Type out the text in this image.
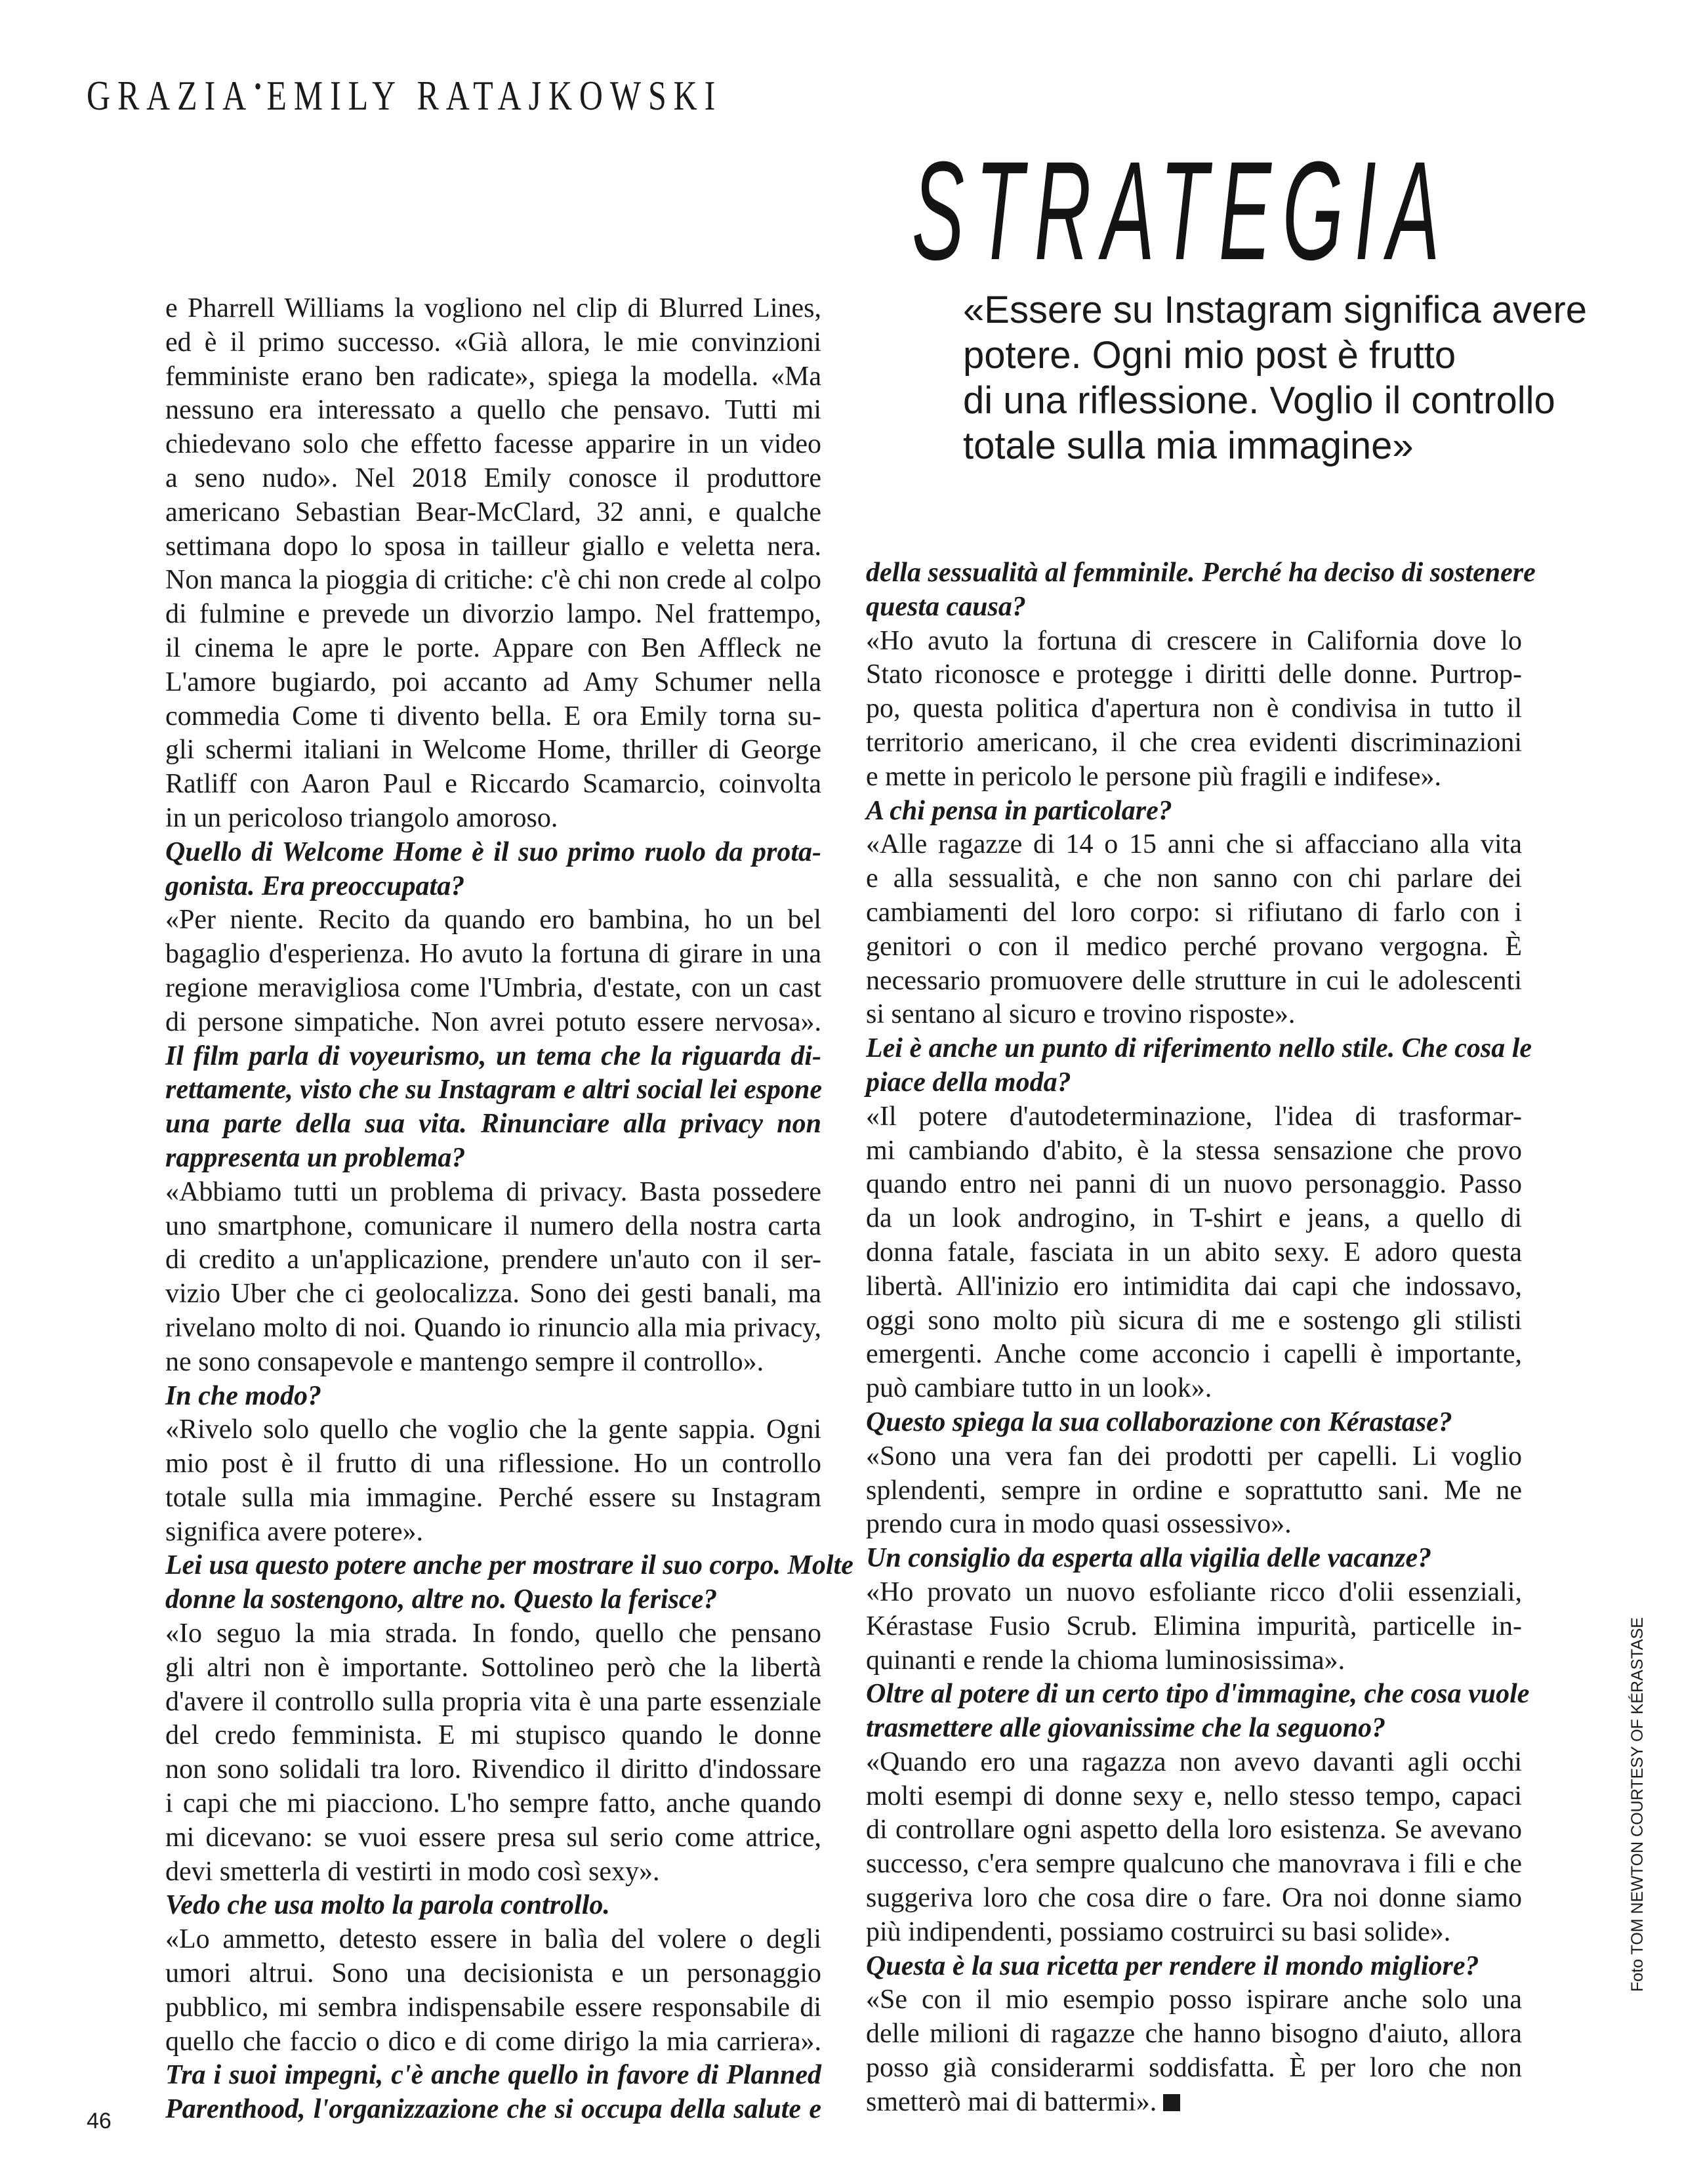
GRAZIA• EMILY RATAJKOWSKI
STRATEGIA
«Essere su Instagram significa avere
potere. Ogni mio post è frutto
di una riflessione. Voglio il controllo
totale sulla mia immagine»
e Pharrell Williams la vogliono nel clip di Blurred Lines,
ed è il primo successo. «Già allora, le mie convinzioni
femministe erano ben radicate», spiega la modella. «Ma
nessuno era interessato a quello che pensavo. Tutti mi
chiedevano solo che effetto facesse apparire in un video
a seno nudo». Nel 2018 Emily conosce il produttore
americano Sebastian Bear-McClard, 32 anni, e qualche
settimana dopo lo sposa in tailleur giallo e veletta nera.
Non manca la pioggia di critiche: c'è chi non crede al colpo
di fulmine e prevede un divorzio lampo. Nel frattempo,
il cinema le apre le porte. Appare con Ben Affleck ne
L'amore bugiardo, poi accanto ad Amy Schumer nella
commedia Come ti divento bella. E ora Emily torna su-
gli schermi italiani in Welcome Home, thriller di George
Ratliff con Aaron Paul e Riccardo Scamarcio, coinvolta
in un pericoloso triangolo amoroso.
Quello di Welcome Home è il suo primo ruolo da prota-
gonista. Era preoccupata?
«Per niente. Recito da quando ero bambina, ho un bel
bagaglio d'esperienza. Ho avuto la fortuna di girare in una
regione meravigliosa come l'Umbria, d'estate, con un cast
di persone simpatiche. Non avrei potuto essere nervosa».
Il film parla di voyeurismo, un tema che la riguarda di-
rettamente, visto che su Instagram e altri social lei espone
una parte della sua vita. Rinunciare alla privacy non
rappresenta un problema?
«Abbiamo tutti un problema di privacy. Basta possedere
uno smartphone, comunicare il numero della nostra carta
di credito a un'applicazione, prendere un'auto con il ser-
vizio Uber che ci geolocalizza. Sono dei gesti banali, ma
rivelano molto di noi. Quando io rinuncio alla mia privacy,
ne sono consapevole e mantengo sempre il controllo».
In che modo?
«Rivelo solo quello che voglio che la gente sappia. Ogni
mio post è il frutto di una riflessione. Ho un controllo
totale sulla mia immagine. Perché essere su Instagram
significa avere potere».
Lei usa questo potere anche per mostrare il suo corpo. Molte
donne la sostengono, altre no. Questo la ferisce?
«Io seguo la mia strada. In fondo, quello che pensano
gli altri non è importante. Sottolineo però che la libertà
d'avere il controllo sulla propria vita è una parte essenziale
del credo femminista. E mi stupisco quando le donne
non sono solidali tra loro. Rivendico il diritto d'indossare
i capi che mi piacciono. L'ho sempre fatto, anche quando
mi dicevano: se vuoi essere presa sul serio come attrice,
devi smetterla di vestirti in modo così sexy».
Vedo che usa molto la parola controllo.
«Lo ammetto, detesto essere in balìa del volere o degli
umori altrui. Sono una decisionista e un personaggio
pubblico, mi sembra indispensabile essere responsabile di
quello che faccio o dico e di come dirigo la mia carriera».
Tra i suoi impegni, c'è anche quello in favore di Planned
Parenthood, l'organizzazione che si occupa della salute e
della sessualità al femminile. Perché ha deciso di sostenere
questa causa?
«Ho avuto la fortuna di crescere in California dove lo
Stato riconosce e protegge i diritti delle donne. Purtrop-
po, questa politica d'apertura non è condivisa in tutto il
territorio americano, il che crea evidenti discriminazioni
e mette in pericolo le persone più fragili e indifese».
A chi pensa in particolare?
«Alle ragazze di 14 o 15 anni che si affacciano alla vita
e alla sessualità, e che non sanno con chi parlare dei
cambiamenti del loro corpo: si rifiutano di farlo con i
genitori o con il medico perché provano vergogna. È
necessario promuovere delle strutture in cui le adolescenti
si sentano al sicuro e trovino risposte».
Lei è anche un punto di riferimento nello stile. Che cosa le
piace della moda?
«Il potere d'autodeterminazione, l'idea di trasformar-
mi cambiando d'abito, è la stessa sensazione che provo
quando entro nei panni di un nuovo personaggio. Passo
da un look androgino, in T-shirt e jeans, a quello di
donna fatale, fasciata in un abito sexy. E adoro questa
libertà. All'inizio ero intimidita dai capi che indossavo,
oggi sono molto più sicura di me e sostengo gli stilisti
emergenti. Anche come acconcio i capelli è importante,
può cambiare tutto in un look».
Questo spiega la sua collaborazione con Kérastase?
«Sono una vera fan dei prodotti per capelli. Li voglio
splendenti, sempre in ordine e soprattutto sani. Me ne
prendo cura in modo quasi ossessivo».
Un consiglio da esperta alla vigilia delle vacanze?
«Ho provato un nuovo esfoliante ricco d'olii essenziali,
Kérastase Fusio Scrub. Elimina impurità, particelle in-
quinanti e rende la chioma luminosissima».
Oltre al potere di un certo tipo d'immagine, che cosa vuole
trasmettere alle giovanissime che la seguono?
«Quando ero una ragazza non avevo davanti agli occhi
molti esempi di donne sexy e, nello stesso tempo, capaci
di controllare ogni aspetto della loro esistenza. Se avevano
successo, c'era sempre qualcuno che manovrava i fili e che
suggeriva loro che cosa dire o fare. Ora noi donne siamo
più indipendenti, possiamo costruirci su basi solide».
Questa è la sua ricetta per rendere il mondo migliore?
«Se con il mio esempio posso ispirare anche solo una
delle milioni di ragazze che hanno bisogno d'aiuto, allora
posso già considerarmi soddisfatta. È per loro che non
smetterò mai di battermi».
46
Foto TOM NEWTON COURTESY OF KÉRASTASE
